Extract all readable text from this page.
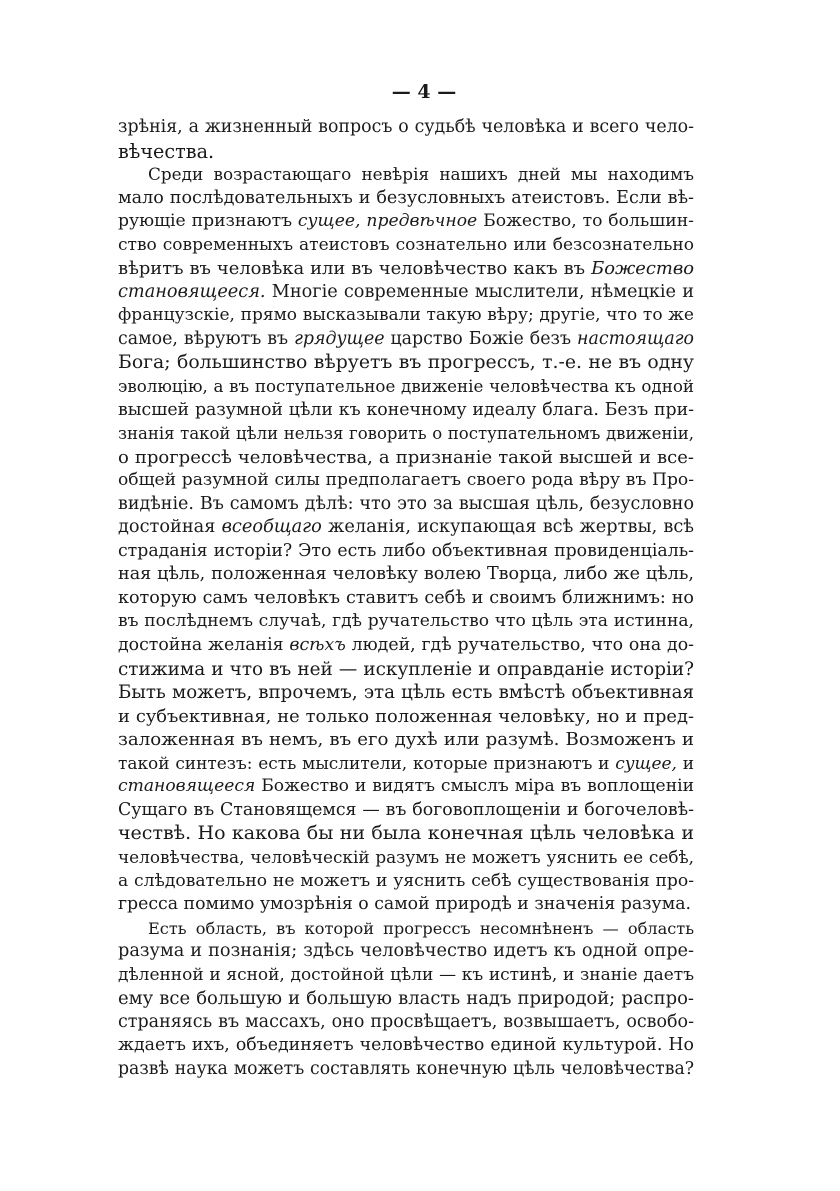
— 4 —
зрѣнія, а жизненный вопросъ о судьбѣ человѣка и всего чело-
вѣчества.
Среди возрастающаго невѣрія нашихъ дней мы находимъ
мало послѣдовательныхъ и безусловныхъ атеистовъ. Если вѣ-
рующіе признаютъ сущее, предвѣчное Божество, то большин-
ство современныхъ атеистовъ сознательно или безсознательно
вѣритъ въ человѣка или въ человѣчество какъ въ Божество
становящееся. Многіе современные мыслители, нѣмецкіе и
французскіе, прямо высказывали такую вѣру; другіе, что то же
самое, вѣруютъ въ грядущее царство Божіе безъ настоящаго
Бога; большинство вѣруетъ въ прогрессъ, т.-е. не въ одну
эволюцію, а въ поступательное движеніе человѣчества къ одной
высшей разумной цѣли къ конечному идеалу блага. Безъ при-
знанія такой цѣли нельзя говорить о поступательномъ движеніи,
о прогрессѣ человѣчества, а признаніе такой высшей и все-
общей разумной силы предполагаетъ своего рода вѣру въ Про-
видѣніе. Въ самомъ дѣлѣ: что это за высшая цѣль, безусловно
достойная всеобщаго желанія, искупающая всѣ жертвы, всѣ
страданія исторіи? Это есть либо объективная провиденціаль-
ная цѣль, положенная человѣку волею Творца, либо же цѣль,
которую самъ человѣкъ ставитъ себѣ и своимъ ближнимъ: но
въ послѣднемъ случаѣ, гдѣ ручательство что цѣль эта истинна,
достойна желанія всѣхъ людей, гдѣ ручательство, что она до-
стижима и что въ ней — искупленіе и оправданіе исторіи?
Быть можетъ, впрочемъ, эта цѣль есть вмѣстѣ объективная
и субъективная, не только положенная человѣку, но и пред-
заложенная въ немъ, въ его духѣ или разумѣ. Возможенъ и
такой синтезъ: есть мыслители, которые признаютъ и сущее, и
становящееся Божество и видятъ смыслъ міра въ воплощеніи
Сущаго въ Становящемся — въ боговоплощеніи и богочеловѣ-
чествѣ. Но какова бы ни была конечная цѣль человѣка и
человѣчества, человѣческій разумъ не можетъ уяснить ее себѣ,
а слѣдовательно не можетъ и уяснить себѣ существованія про-
гресса помимо умозрѣнія о самой природѣ и значенія разума.
Есть область, въ которой прогрессъ несомнѣненъ — область
разума и познанія; здѣсь человѣчество идетъ къ одной опре-
дѣленной и ясной, достойной цѣли — къ истинѣ, и знаніе даетъ
ему все большую и большую власть надъ природой; распро-
страняясь въ массахъ, оно просвѣщаетъ, возвышаетъ, освобо-
ждаетъ ихъ, объединяетъ человѣчество единой культурой. Но
развѣ наука можетъ составлять конечную цѣль человѣчества?
